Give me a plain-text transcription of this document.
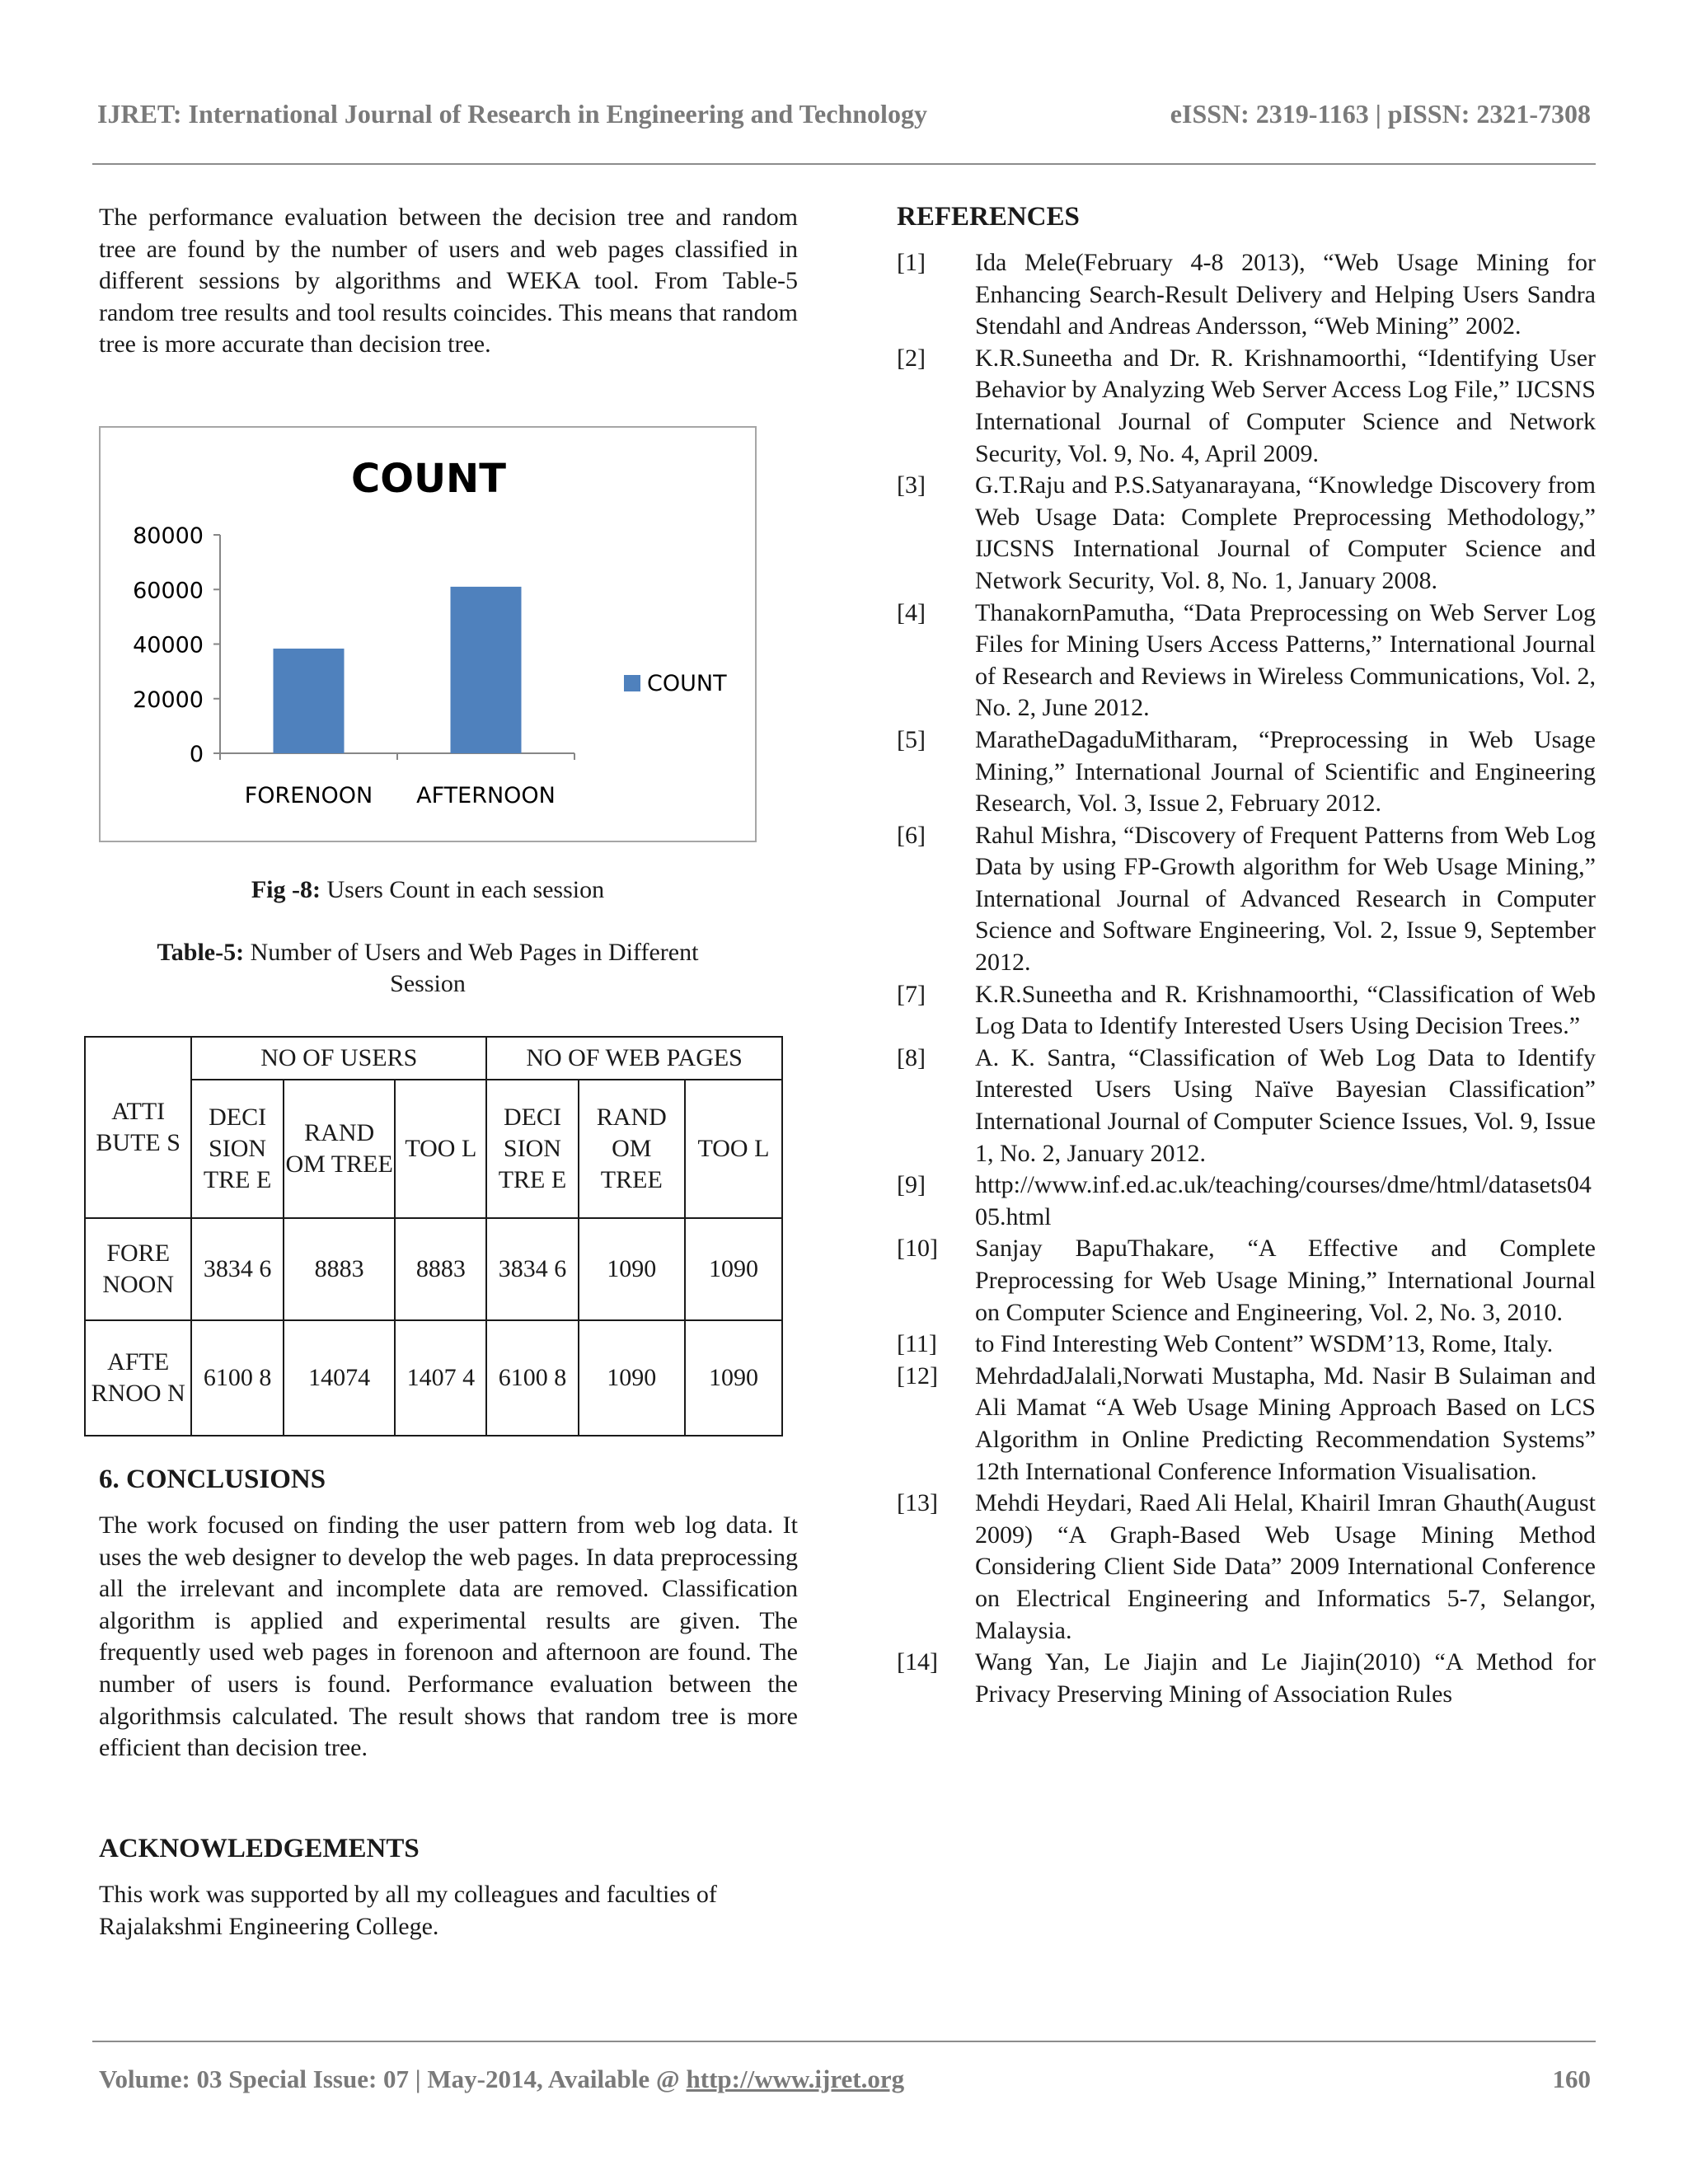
IJRET: International Journal of Research in Engineering and Technology	eISSN: 2319-1163 | pISSN: 2321-7308

The performance evaluation between the decision tree and random tree are found by the number of users and web pages classified in different sessions by algorithms and WEKA tool. From Table-5 random tree results and tool results coincides. This means that random tree is more accurate than decision tree.

COUNT
0
20000
40000
60000
80000
FORENOON AFTERNOON
COUNT
Fig -8: Users Count in each session
Table-5: Number of Users and Web Pages in Different Session
ATTI BUTE S	NO OF USERS			NO OF WEB PAGES		
	DECI SION TRE E	RAND OM TREE	TOO L	DECI SION TRE E	RAND OM TREE	TOO L
FORE NOON	3834 6	8883	8883	3834 6	1090	1090
AFTE RNOO N	6100 8	14074	1407 4	6100 8	1090	1090
6. CONCLUSIONS

The work focused on finding the user pattern from web log data. It uses the web designer to develop the web pages. In data preprocessing all the irrelevant and incomplete data are removed. Classification algorithm is applied and experimental results are given. The frequently used web pages in forenoon and afternoon are found. The number of users is found. Performance evaluation between the algorithmsis calculated. The result shows that random tree is more efficient than decision tree.

ACKNOWLEDGEMENTS

This work was supported by all my colleagues and faculties of Rajalakshmi Engineering College.

REFERENCES
[1] Ida Mele(February 4-8 2013), “Web Usage Mining for Enhancing Search-Result Delivery and Helping Users Sandra Stendahl and Andreas Andersson, “Web Mining” 2002.
[2] K.R.Suneetha and Dr. R. Krishnamoorthi, “Identifying User Behavior by Analyzing Web Server Access Log File,” IJCSNS International Journal of Computer Science and Network Security, Vol. 9, No. 4, April 2009.
[3] G.T.Raju and P.S.Satyanarayana, “Knowledge Discovery from Web Usage Data: Complete Preprocessing Methodology,” IJCSNS International Journal of Computer Science and Network Security, Vol. 8, No. 1, January 2008.
[4] ThanakornPamutha, “Data Preprocessing on Web Server Log Files for Mining Users Access Patterns,” International Journal of Research and Reviews in Wireless Communications, Vol. 2, No. 2, June 2012.
[5] MaratheDagaduMitharam, “Preprocessing in Web Usage Mining,” International Journal of Scientific and Engineering Research, Vol. 3, Issue 2, February 2012.
[6] Rahul Mishra, “Discovery of Frequent Patterns from Web Log Data by using FP-Growth algorithm for Web Usage Mining,” International Journal of Advanced Research in Computer Science and Software Engineering, Vol. 2, Issue 9, September 2012.
[7] K.R.Suneetha and R. Krishnamoorthi, “Classification of Web Log Data to Identify Interested Users Using Decision Trees.”
[8] A. K. Santra, “Classification of Web Log Data to Identify Interested Users Using Naïve Bayesian Classification” International Journal of Computer Science Issues, Vol. 9, Issue 1, No. 2, January 2012.
[9] http://www.inf.ed.ac.uk/teaching/courses/dme/html/datasets0405.html
[10] Sanjay BapuThakare, “A Effective and Complete Preprocessing for Web Usage Mining,” International Journal on Computer Science and Engineering, Vol. 2, No. 3, 2010.
[11] to Find Interesting Web Content” WSDM’13, Rome, Italy.
[12] MehrdadJalali,Norwati Mustapha, Md. Nasir B Sulaiman and Ali Mamat “A Web Usage Mining Approach Based on LCS Algorithm in Online Predicting Recommendation Systems” 12th International Conference Information Visualisation.
[13] Mehdi Heydari, Raed Ali Helal, Khairil Imran Ghauth(August 2009) “A Graph-Based Web Usage Mining Method Considering Client Side Data” 2009 International Conference on Electrical Engineering and Informatics 5-7, Selangor, Malaysia.
[14] Wang Yan, Le Jiajin and Le Jiajin(2010) “A Method for Privacy Preserving Mining of Association Rules
Volume: 03 Special Issue: 07 | May-2014, Available @ http://www.ijret.org	160
